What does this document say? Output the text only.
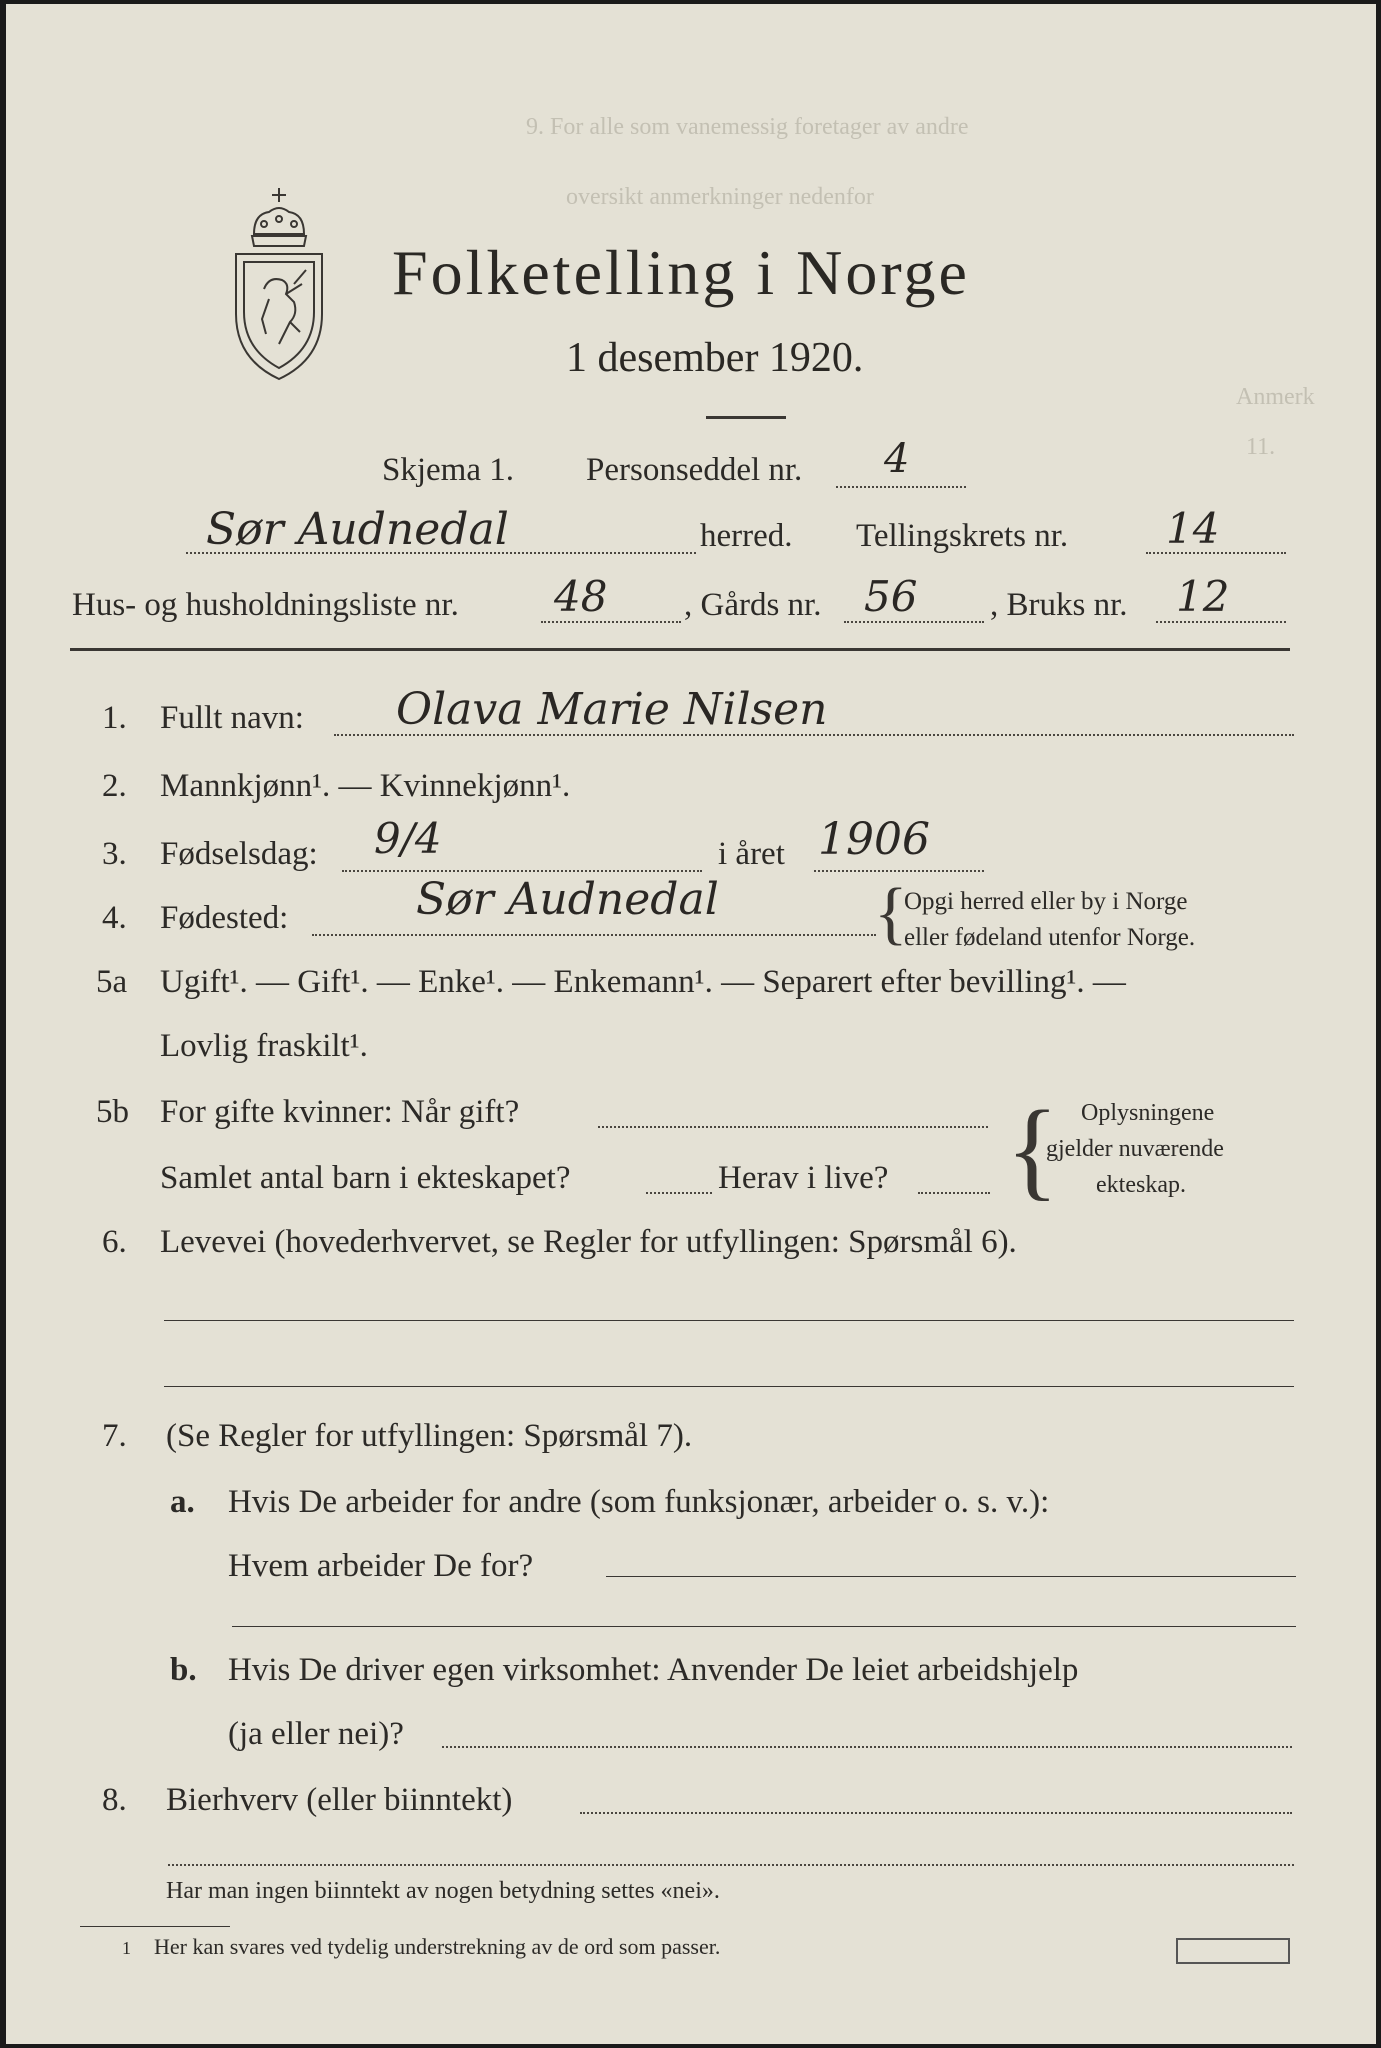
9. For alle som vanemessig foretager av andre
oversikt anmerkninger nedenfor
Anmerk
11.
Folketelling i Norge
1 desember 1920.
Skjema 1. Personseddel nr. 4
Sør Audnedal	herred. Tellingskrets nr. 14
Hus- og husholdningsliste nr. 48 , Gårds nr. 56 , Bruks nr. 12
1. Fullt navn: Olava Marie Nilsen
2. Mannkjønn¹. — Kvinnekjønn¹.
3. Fødselsdag: 9/4	i året 1906
4. Fødested:	Sør Audnedal {
Opgi herred eller by i Norge
eller fødeland utenfor Norge.
5a Ugift¹. — Gift¹. — Enke¹. — Enkemann¹. — Separert efter bevilling¹. —
Lovlig fraskilt¹.
5b For gifte kvinner: Når gift?
Samlet antal barn i ekteskapet?	Herav i live? { Oplysningene
gjelder nuværende
ekteskap.
6. Levevei (hovederhvervet, se Regler for utfyllingen: Spørsmål 6).
7. (Se Regler for utfyllingen: Spørsmål 7).
a. Hvis De arbeider for andre (som funksjonær, arbeider o. s. v.):
Hvem arbeider De for?
b. Hvis De driver egen virksomhet: Anvender De leiet arbeidshjelp
(ja eller nei)?
8. Bierhverv (eller biinntekt)
Har man ingen biinntekt av nogen betydning settes «nei».
1 Her kan svares ved tydelig understrekning av de ord som passer.
